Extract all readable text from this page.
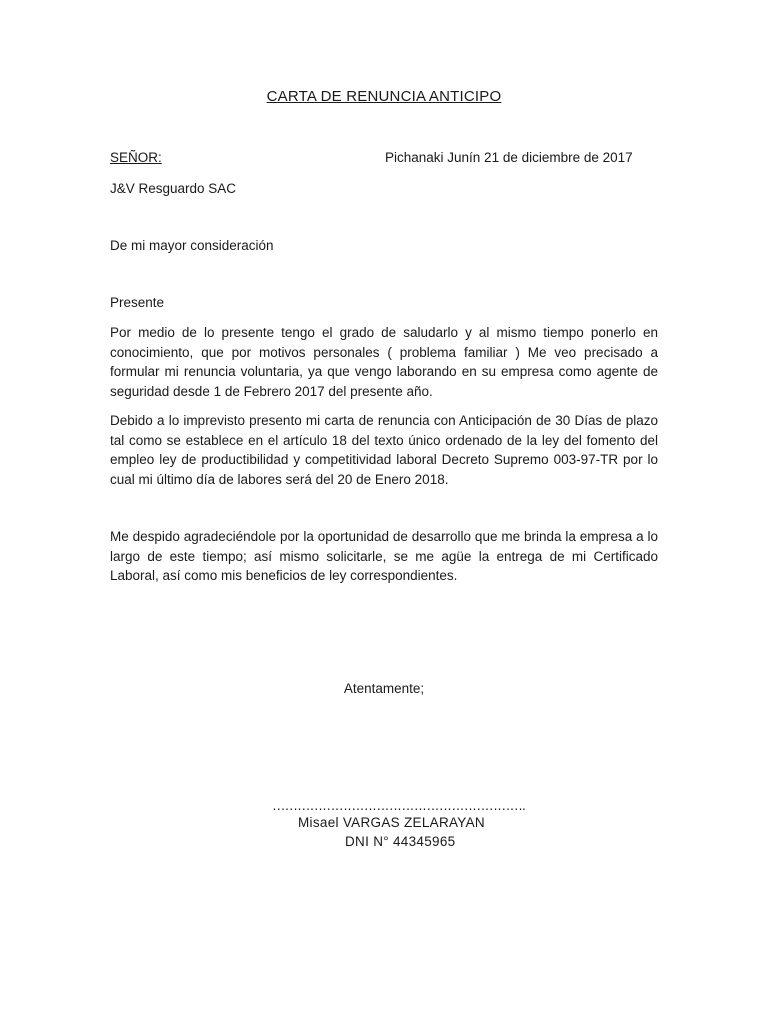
CARTA DE RENUNCIA ANTICIPO
SEÑOR:	Pichanaki Junín 21 de diciembre de 2017
J&V Resguardo SAC
De mi mayor consideración
Presente
Por medio de lo presente tengo el grado de saludarlo y al mismo tiempo ponerlo en conocimiento, que por motivos personales ( problema familiar ) Me veo precisado a formular mi renuncia voluntaria, ya que vengo laborando en su empresa como agente de seguridad desde 1 de Febrero 2017 del presente año.
Debido a lo imprevisto presento mi carta de renuncia con Anticipación de 30 Días de plazo tal como se establece en el artículo 18 del texto único ordenado de la ley del fomento del empleo ley de productibilidad y competitividad laboral Decreto Supremo 003-97-TR por lo cual mi último día de labores será del 20 de Enero 2018.
Me despido agradeciéndole por la oportunidad de desarrollo que me brinda la empresa a lo largo de este tiempo; así mismo solicitarle, se me agüe la entrega de mi Certificado Laboral, así como mis beneficios de ley correspondientes.
Atentamente;
…………………………………………………….
Misael VARGAS ZELARAYAN
DNI N° 44345965
